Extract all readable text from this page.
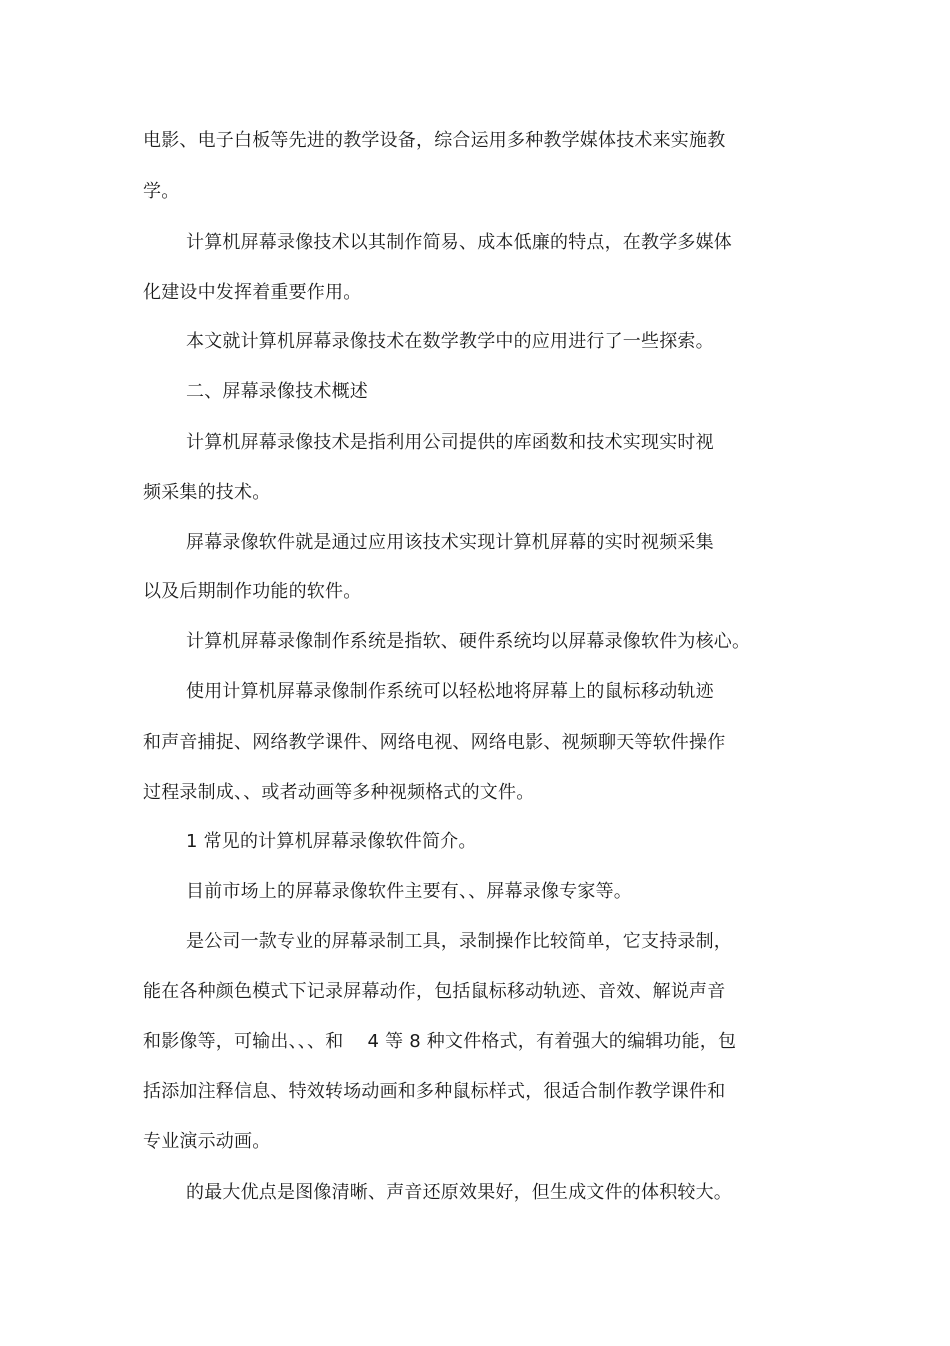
电影、电子白板等先进的教学设备，综合运用多种教学媒体技术来实施教
学。
计算机屏幕录像技术以其制作简易、成本低廉的特点，在教学多媒体
化建设中发挥着重要作用。
本文就计算机屏幕录像技术在数学教学中的应用进行了一些探索。
二、屏幕录像技术概述
计算机屏幕录像技术是指利用公司提供的库函数和技术实现实时视
频采集的技术。
屏幕录像软件就是通过应用该技术实现计算机屏幕的实时视频采集
以及后期制作功能的软件。
计算机屏幕录像制作系统是指软、硬件系统均以屏幕录像软件为核心。
使用计算机屏幕录像制作系统可以轻松地将屏幕上的鼠标移动轨迹
和声音捕捉、网络教学课件、网络电视、网络电影、视频聊天等软件操作
过程录制成、、或者动画等多种视频格式的文件。
1 常见的计算机屏幕录像软件简介。
目前市场上的屏幕录像软件主要有、、屏幕录像专家等。
是公司一款专业的屏幕录制工具，录制操作比较简单，它支持录制，
能在各种颜色模式下记录屏幕动作，包括鼠标移动轨迹、音效、解说声音
和影像等，可输出、、、和　 4 等 8 种文件格式，有着强大的编辑功能，包
括添加注释信息、特效转场动画和多种鼠标样式，很适合制作教学课件和
专业演示动画。
的最大优点是图像清晰、声音还原效果好，但生成文件的体积较大。
